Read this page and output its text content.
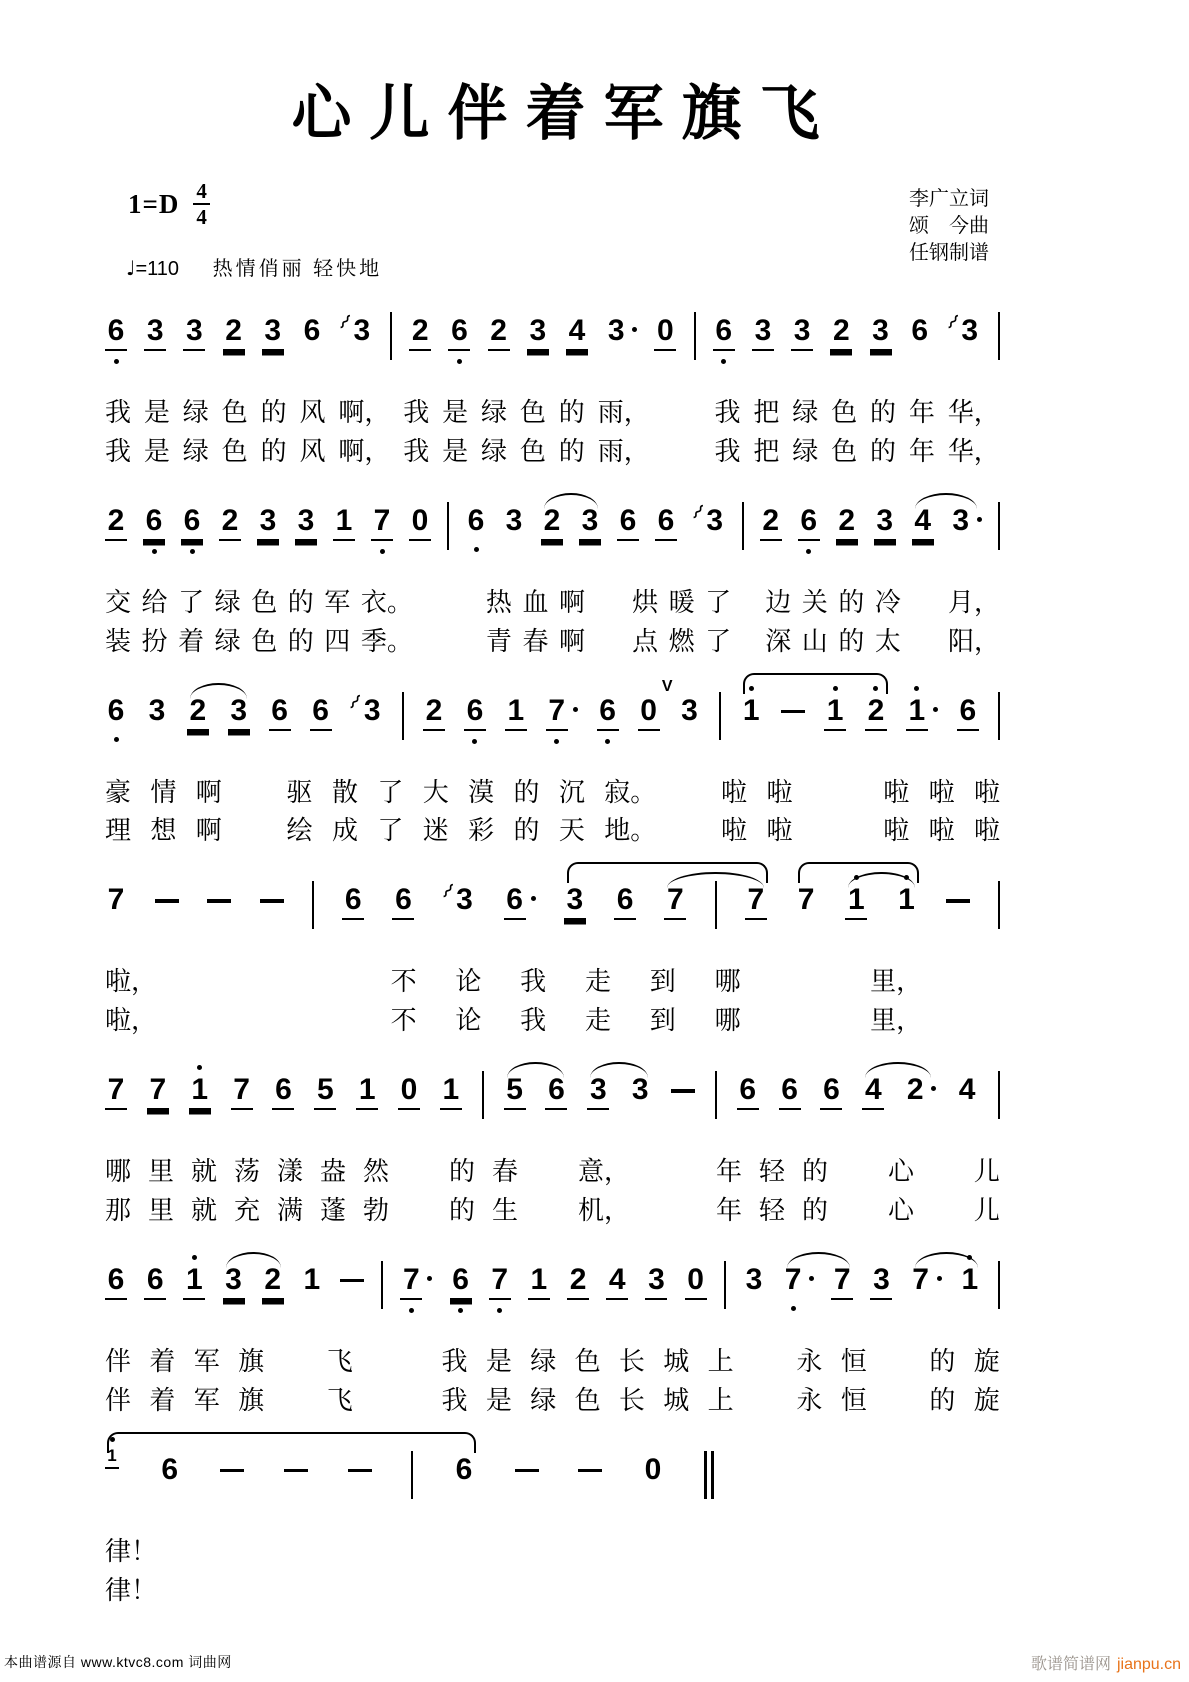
心儿伴着军旗飞
1=D 4
4
李广立词
颂　今曲
任钢制谱
♩=110 热情俏丽 轻快地
6 3 3 2 3 6 ⌇3 2 6 2 3 4 3	0 6 3 3 2 3 6 ⌇3
我 是 绿 色 的 风 啊， 我 是 绿 色 的 雨， 我 把 绿 色 的 年 华，
我 是 绿 色 的 风 啊， 我 是 绿 色 的 雨， 我 把 绿 色 的 年 华，
2 6 6 2 3 3 1 7 0 6 3 2 3 6 6 ⌇3 2 6 2 3 4 3
交 给 了 绿 色 的 军 衣。	热 血 啊 烘 暖 了 边 关 的 冷 月，
装 扮 着 绿 色 的 四 季。	青 春 啊 点 燃 了 深 山 的 太 阳，
6 3 2 3 6 6 ⌇3 2 6 1 7	6 0
V
3 1 1 2 1	6
豪 情 啊 驱 散 了 大 漠 的 沉 寂。 啦 啦	啦 啦 啦
理 想 啊 绘 成 了 迷 彩 的 天 地。 啦 啦	啦 啦 啦
7	6 6 ⌇3 6	3 6 7 7 7 1 1
啦，	不 论 我 走 到 哪	里，
啦，	不 论 我 走 到 哪	里，
7 7 1 7 6 5 1 0 1 5 6 3 3	6 6 6 4 2	4
哪 里 就 荡 漾 盎 然 的 春 意，	年 轻 的 心 儿
那 里 就 充 满 蓬 勃 的 生 机，	年 轻 的 心 儿
6 6 1 3 2 1	7	6 7 1 2 4 3 0 3 7	7 3 7	1
伴 着 军 旗 飞	我 是 绿 色 长 城 上 永 恒 的 旋
伴 着 军 旗 飞	我 是 绿 色 长 城 上 永 恒 的 旋
1 6	6	0
律！
律！
本曲谱源自 www.ktvc8.com 词曲网	歌谱简谱网 jianpu.cn
